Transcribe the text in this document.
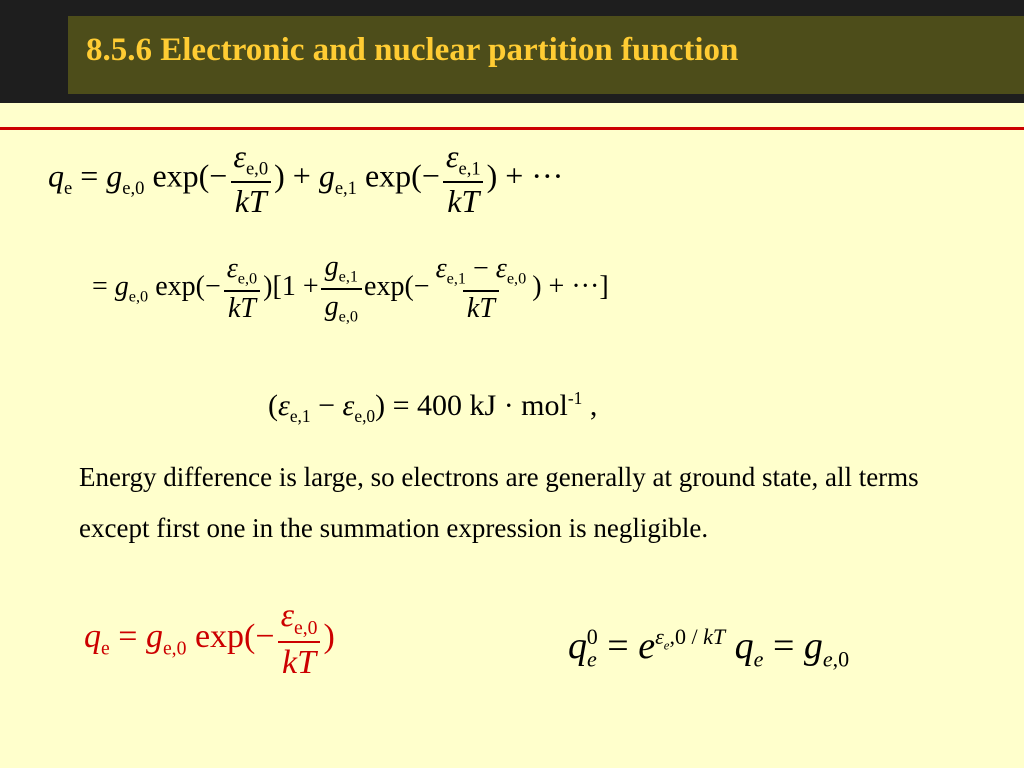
8.5.6 Electronic and nuclear partition function
$q_e = g_{e,0}$ $\exp(- \frac{\varepsilon_{e,0}}{kT}$ ) + $g_{e,1}$ $\exp(- \frac{\varepsilon_{e,1}}{kT}$ ) + ···
= $g_{e,0}$ $\exp(- \frac{\varepsilon_{e,0}}{kT} )[1 + \frac{g_{e,1}}{g_{e,0}} \exp(- \frac{\varepsilon_{e,1} - \varepsilon_{e,0}}{kT}$ ) + ···]
$(\varepsilon_{e,1} - \varepsilon_{e,0}) = 400$ kJ · mol$^{-1}$ ,
Energy difference is large, so electrons are generally at ground state, all terms except first one in the summation expression is negligible.
$q_e = g_{e,0}$ $\exp(- \frac{\varepsilon_{e,0}}{kT}$ )	$q_e^0 = e^{\varepsilon_e,0 / kT}$ $q_e = g_{e,0}$
